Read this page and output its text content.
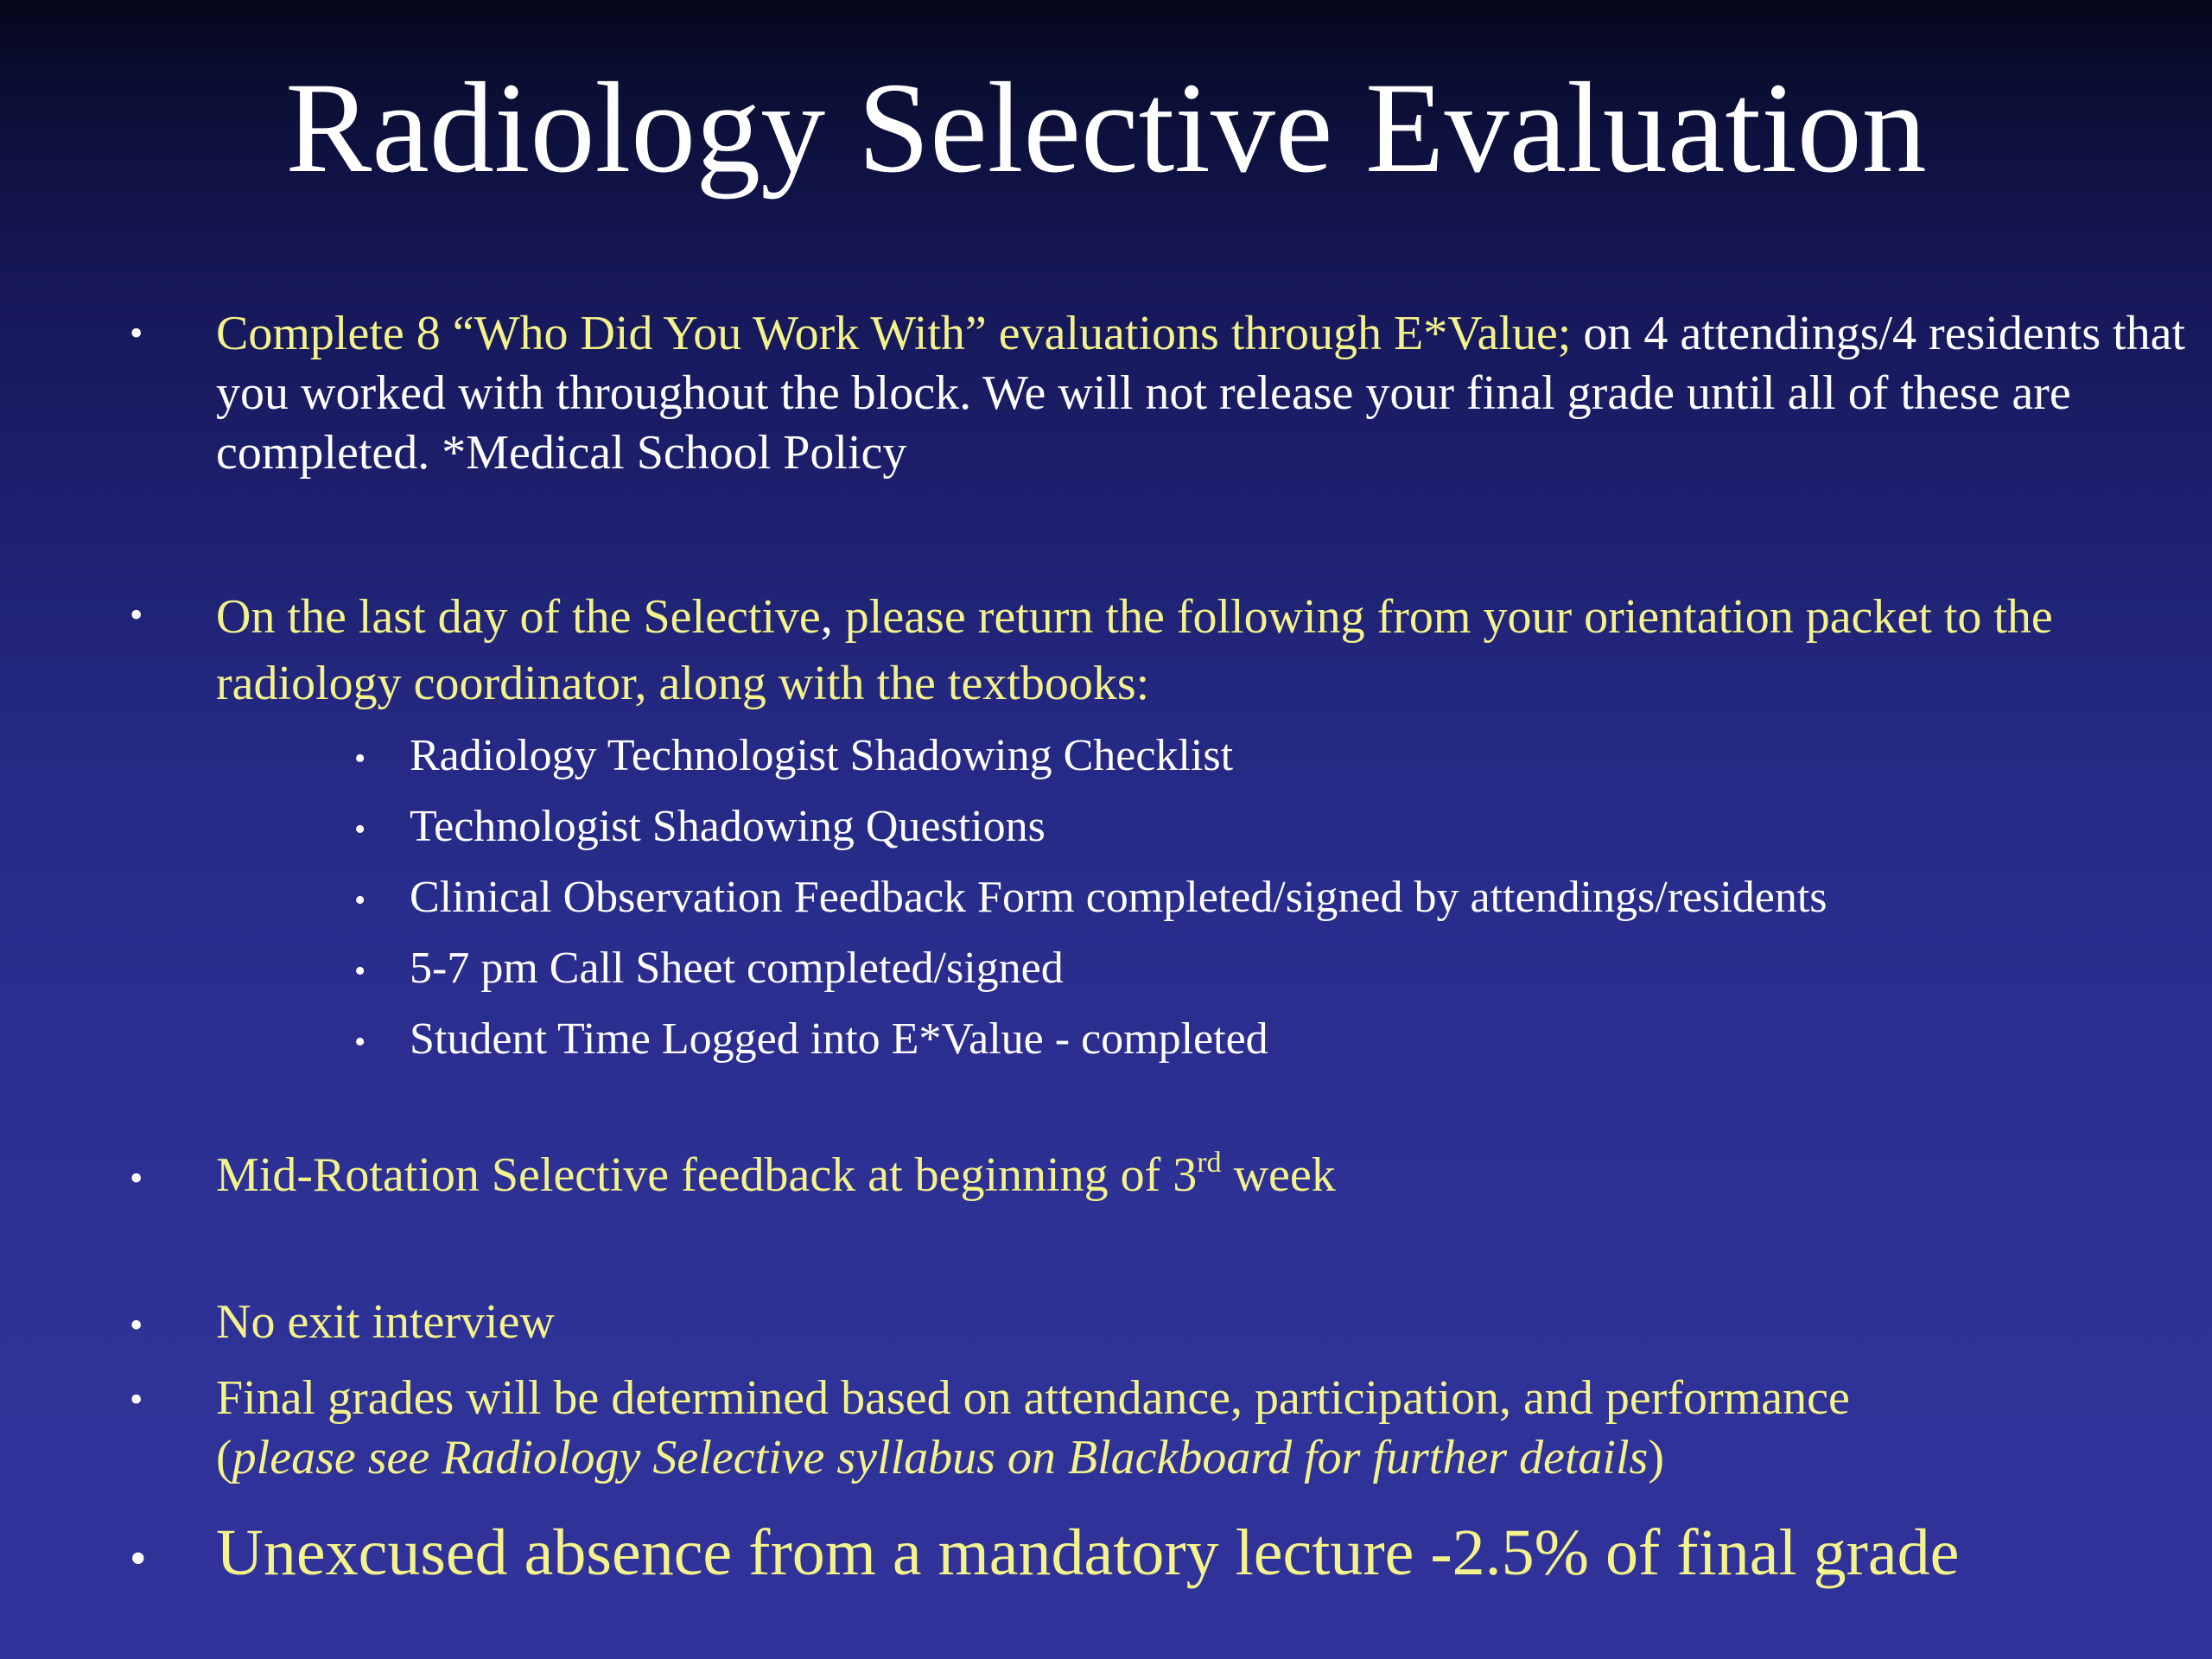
Radiology Selective Evaluation
• Complete 8 “Who Did You Work With” evaluations through E*Value; on 4 attendings/4 residents that you worked with throughout the block. We will not release your final grade until all of these are completed. *Medical School Policy
• On the last day of the Selective, please return the following from your orientation packet to the radiology coordinator, along with the textbooks:
• Radiology Technologist Shadowing Checklist
• Technologist Shadowing Questions
• Clinical Observation Feedback Form completed/signed by attendings/residents
• 5-7 pm Call Sheet completed/signed
• Student Time Logged into E*Value - completed
• Mid-Rotation Selective feedback at beginning of 3rd week
• No exit interview
• Final grades will be determined based on attendance, participation, and performance
(please see Radiology Selective syllabus on Blackboard for further details)
• Unexcused absence from a mandatory lecture -2.5% of final grade
